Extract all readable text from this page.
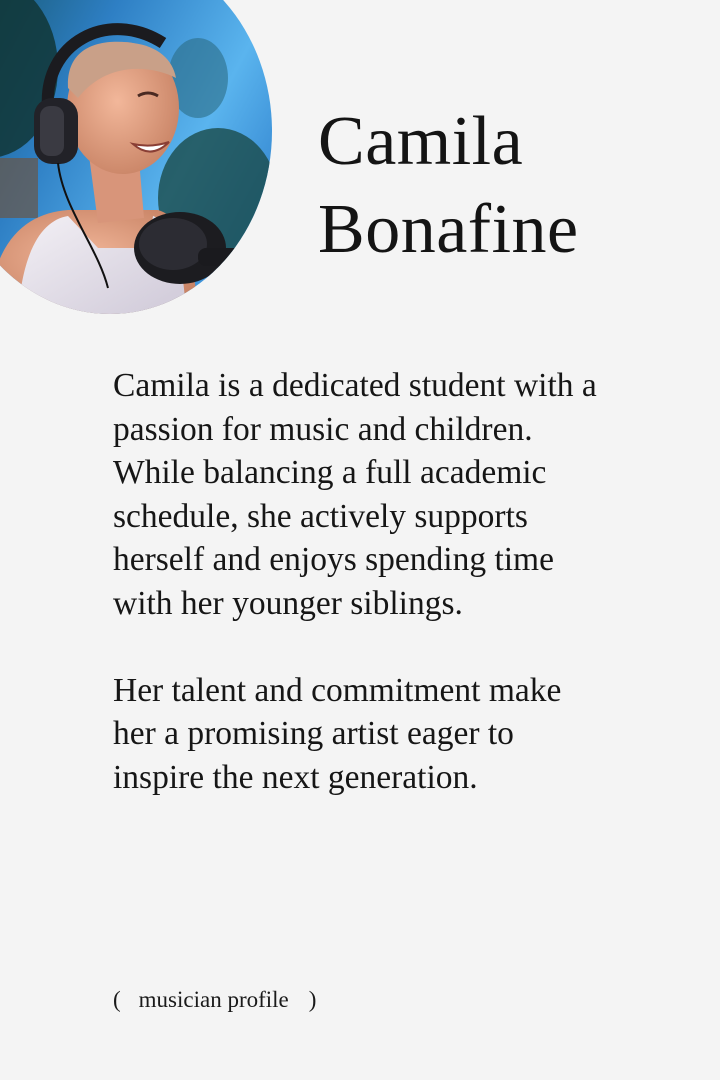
Camila
Bonafine

Camila is a dedicated student with a passion for music and children. While balancing a full academic schedule, she actively supports herself and enjoys spending time with her younger siblings.

Her talent and commitment make her a promising artist eager to inspire the next generation.

( musician profile )
